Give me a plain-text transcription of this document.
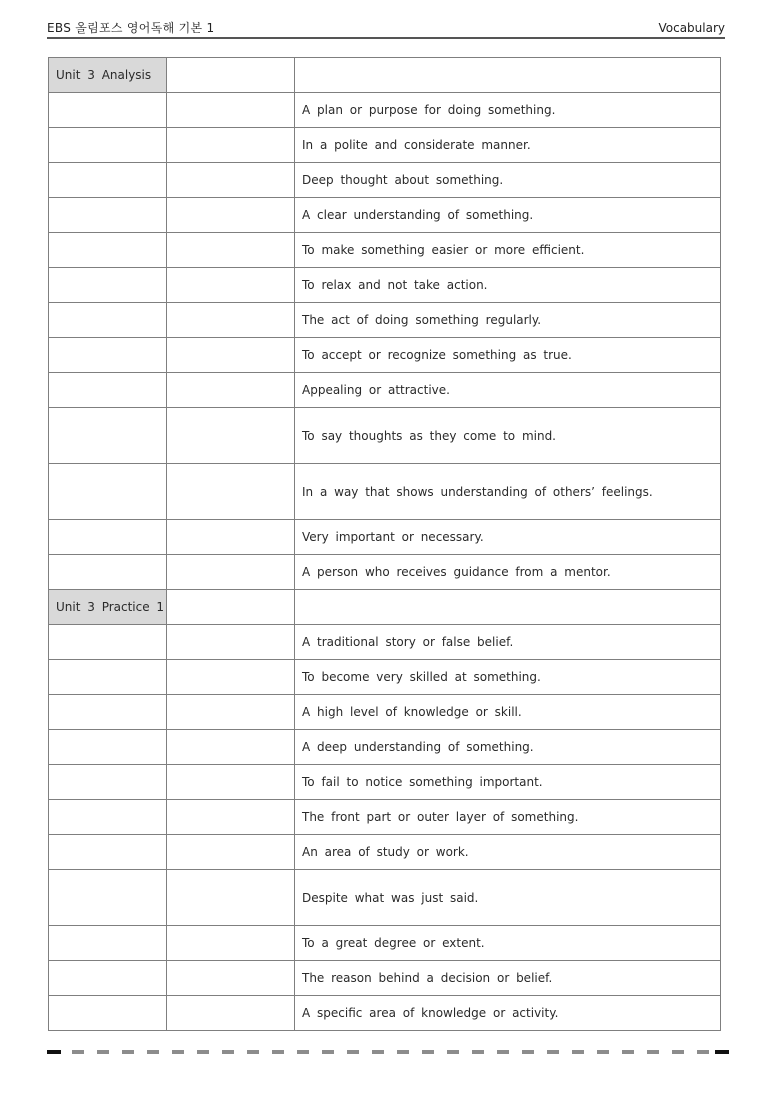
EBS 올림포스 영어독해 기본 1	Vocabulary
Unit 3 Analysis		
		A plan or purpose for doing something.
		In a polite and considerate manner.
		Deep thought about something.
		A clear understanding of something.
		To make something easier or more efficient.
		To relax and not take action.
		The act of doing something regularly.
		To accept or recognize something as true.
		Appealing or attractive.
		To say thoughts as they come to mind.
		In a way that shows understanding of others’ feelings.
		Very important or necessary.
		A person who receives guidance from a mentor.
Unit 3 Practice 1		
		A traditional story or false belief.
		To become very skilled at something.
		A high level of knowledge or skill.
		A deep understanding of something.
		To fail to notice something important.
		The front part or outer layer of something.
		An area of study or work.
		Despite what was just said.
		To a great degree or extent.
		The reason behind a decision or belief.
		A specific area of knowledge or activity.
